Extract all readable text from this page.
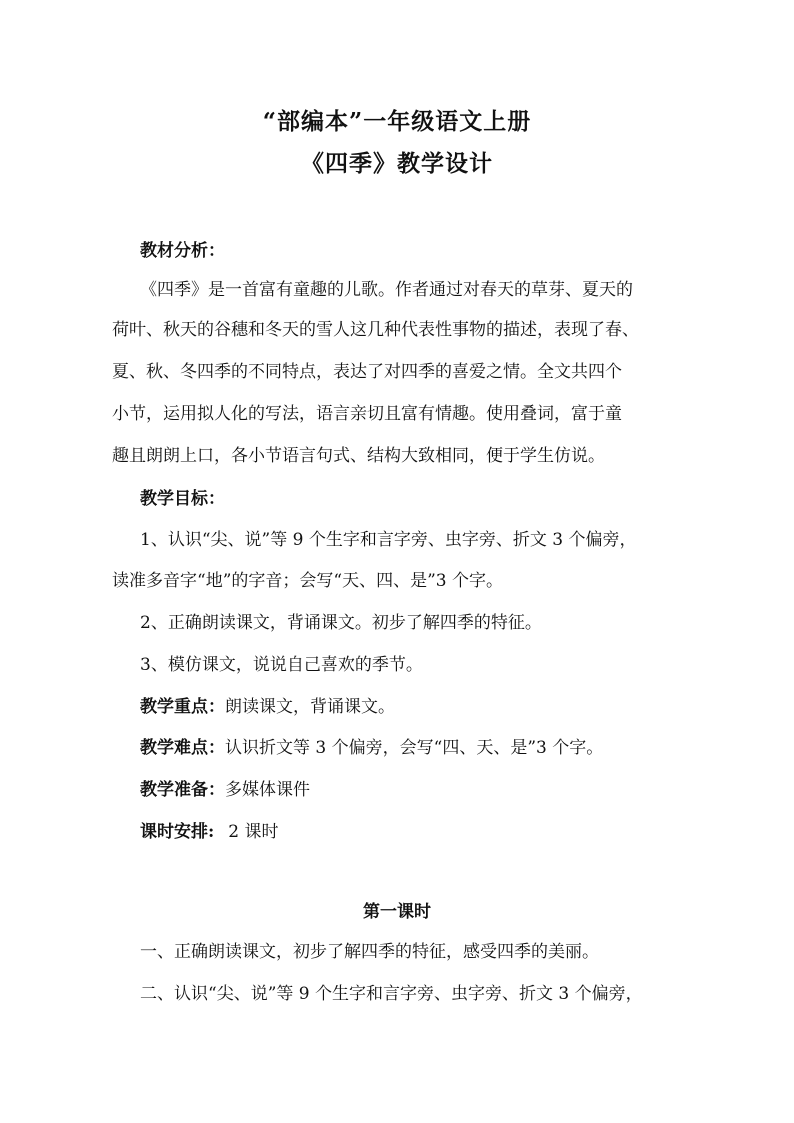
“部编本”一年级语文上册
《四季》教学设计
教材分析：
《四季》是一首富有童趣的儿歌。作者通过对春天的草芽、夏天的
荷叶、秋天的谷穗和冬天的雪人这几种代表性事物的描述，表现了春、
夏、秋、冬四季的不同特点，表达了对四季的喜爱之情。全文共四个
小节，运用拟人化的写法，语言亲切且富有情趣。使用叠词，富于童
趣且朗朗上口，各小节语言句式、结构大致相同，便于学生仿说。
教学目标：
1、认识“尖、说”等 9 个生字和言字旁、虫字旁、折文 3 个偏旁，
读准多音字“地”的字音；会写“天、四、是”3 个字。
2、正确朗读课文，背诵课文。初步了解四季的特征。
3、模仿课文，说说自己喜欢的季节。
教学重点：朗读课文，背诵课文。
教学难点：认识折文等 3 个偏旁，会写“四、天、是”3 个字。
教学准备：多媒体课件
课时安排: 2 课时
第一课时
一、正确朗读课文，初步了解四季的特征，感受四季的美丽。
二、认识“尖、说”等 9 个生字和言字旁、虫字旁、折文 3 个偏旁，
